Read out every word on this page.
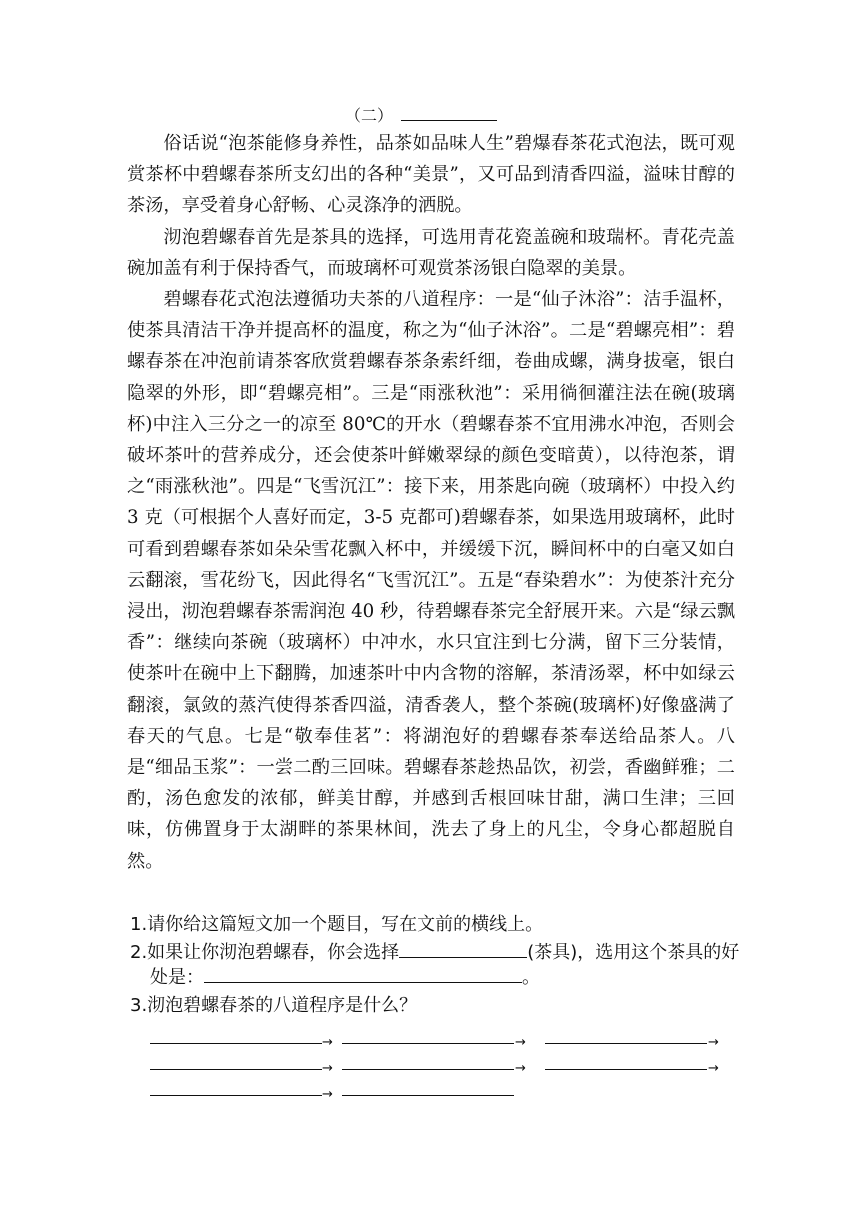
（二）

俗话说“泡茶能修身养性，品茶如品味人生”碧爆春茶花式泡法，既可观赏茶杯中碧螺春茶所支幻出的各种“美景”，又可品到清香四溢，溢味甘醇的茶汤，享受着身心舒畅、心灵涤净的洒脱。

沏泡碧螺春首先是茶具的选择，可选用青花瓷盖碗和玻瑞杯。青花壳盖碗加盖有利于保持香气，而玻璃杯可观赏茶汤银白隐翠的美景。

碧螺春花式泡法遵循功夫茶的八道程序：一是“仙子沐浴”：洁手温杯，使茶具清洁干净并提高杯的温度，称之为“仙子沐浴”。二是“碧螺亮相”：碧螺春茶在冲泡前请茶客欣赏碧螺春茶条索纤细，卷曲成螺，满身拔毫，银白隐翠的外形，即“碧螺亮相”。三是“雨涨秋池”：采用徜徊灌注法在碗(玻璃杯)中注入三分之一的凉至 80℃的开水（碧螺春茶不宜用沸水冲泡，否则会破坏茶叶的营养成分，还会使茶叶鲜嫩翠绿的颜色变暗黄），以待泡茶，谓之“雨涨秋池”。四是“飞雪沉江”：接下来，用茶匙向碗（玻璃杯）中投入约 3 克（可根据个人喜好而定，3-5 克都可)碧螺春茶，如果选用玻璃杯，此时可看到碧螺春茶如朵朵雪花飘入杯中，并缓缓下沉，瞬间杯中的白毫又如白云翻滚，雪花纷飞，因此得名“飞雪沉江”。五是“春染碧水”：为使茶汁充分浸出，沏泡碧螺春茶需润泡 40 秒，待碧螺春茶完全舒展开来。六是“绿云飘香”：继续向茶碗（玻璃杯）中冲水，水只宜注到七分满，留下三分装情，使茶叶在碗中上下翻腾，加速茶叶中内含物的溶解，茶清汤翠，杯中如绿云翻滚，氯敛的蒸汽使得茶香四溢，清香袭人，整个茶碗(玻璃杯)好像盛满了春天的气息。七是“敬奉佳茗”：将湖泡好的碧螺春茶奉送给品茶人。八是“细品玉浆”：一尝二酌三回味。碧螺春茶趁热品饮，初尝，香幽鲜雅；二酌，汤色愈发的浓郁，鲜美甘醇，并感到舌根回味甘甜，满口生津；三回味，仿佛置身于太湖畔的茶果林间，洗去了身上的凡尘，令身心都超脱自然。

1.请你给这篇短文加一个题目，写在文前的横线上。
2.如果让你沏泡碧螺春，你会选择	(茶具)，选用这个茶具的好处是：	。
3.沏泡碧螺春茶的八道程序是什么？
→	→	→
→	→	→
→
